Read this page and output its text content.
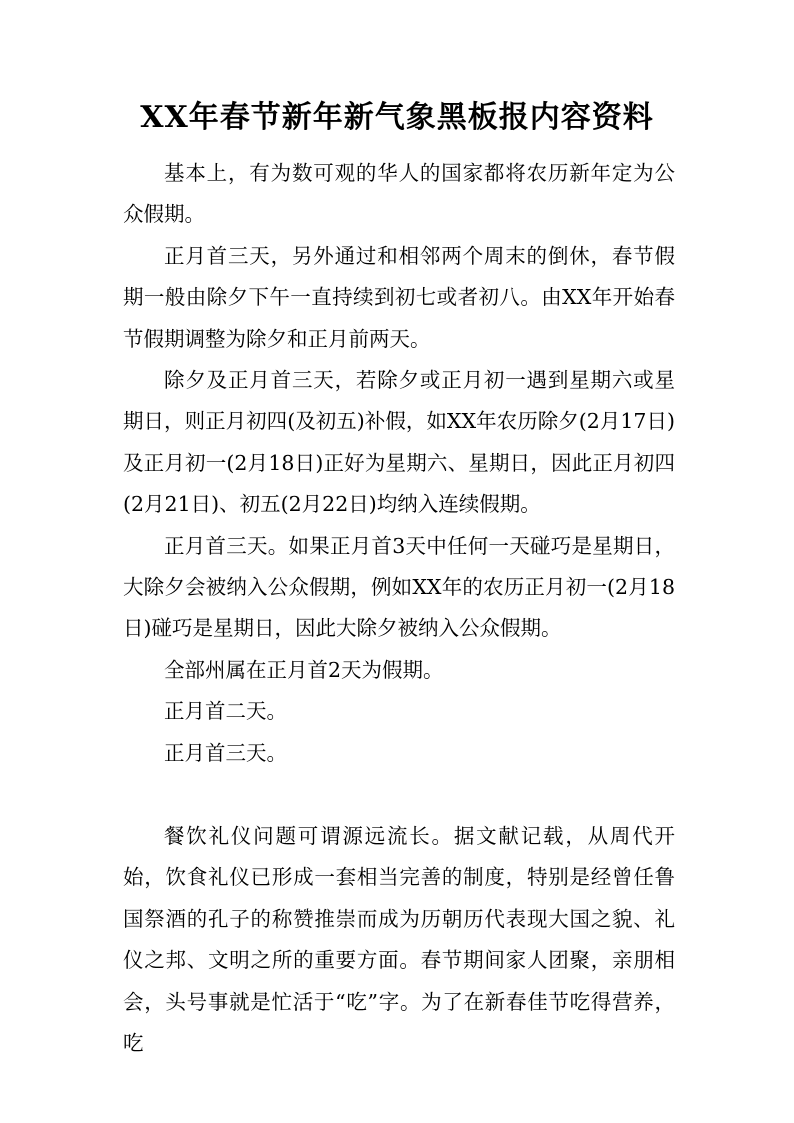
XX年春节新年新气象黑板报内容资料

基本上，有为数可观的华人的国家都将农历新年定为公众假期。

正月首三天，另外通过和相邻两个周末的倒休，春节假期一般由除夕下午一直持续到初七或者初八。由XX年开始春节假期调整为除夕和正月前两天。

除夕及正月首三天，若除夕或正月初一遇到星期六或星期日，则正月初四(及初五)补假，如XX年农历除夕(2月17日)及正月初一(2月18日)正好为星期六、星期日，因此正月初四(2月21日)、初五(2月22日)均纳入连续假期。

正月首三天。如果正月首3天中任何一天碰巧是星期日，大除夕会被纳入公众假期，例如XX年的农历正月初一(2月18日)碰巧是星期日，因此大除夕被纳入公众假期。

全部州属在正月首2天为假期。

正月首二天。

正月首三天。

餐饮礼仪问题可谓源远流长。据文献记载，从周代开始，饮食礼仪已形成一套相当完善的制度，特别是经曾任鲁国祭酒的孔子的称赞推崇而成为历朝历代表现大国之貌、礼仪之邦、文明之所的重要方面。春节期间家人团聚，亲朋相会，头号事就是忙活于“吃”字。为了在新春佳节吃得营养，吃
